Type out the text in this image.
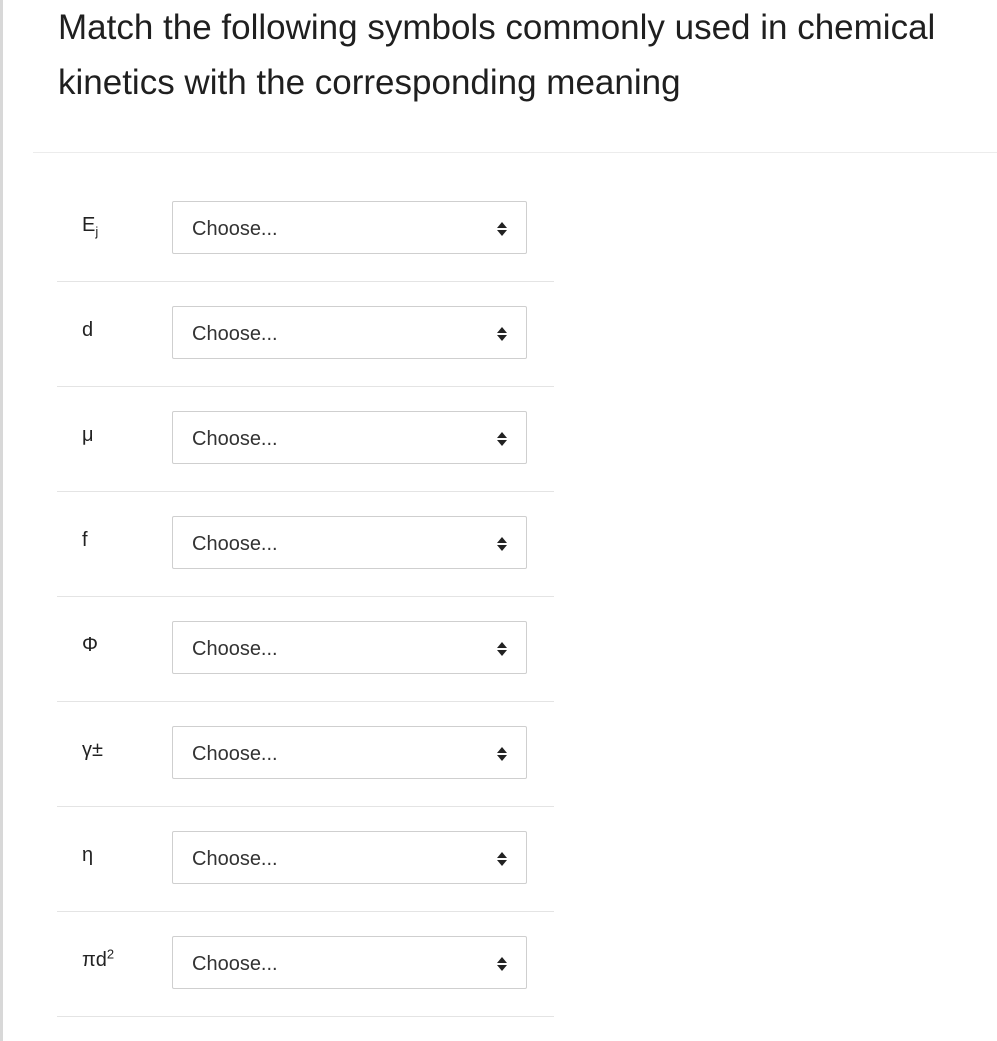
Match the following symbols commonly used in chemical kinetics with the corresponding meaning
$E_j$	Choose...
d	Choose...
μ	Choose...
f	Choose...
Φ	Choose...
γ±	Choose...
η	Choose...
$\pi d^2$	Choose...
